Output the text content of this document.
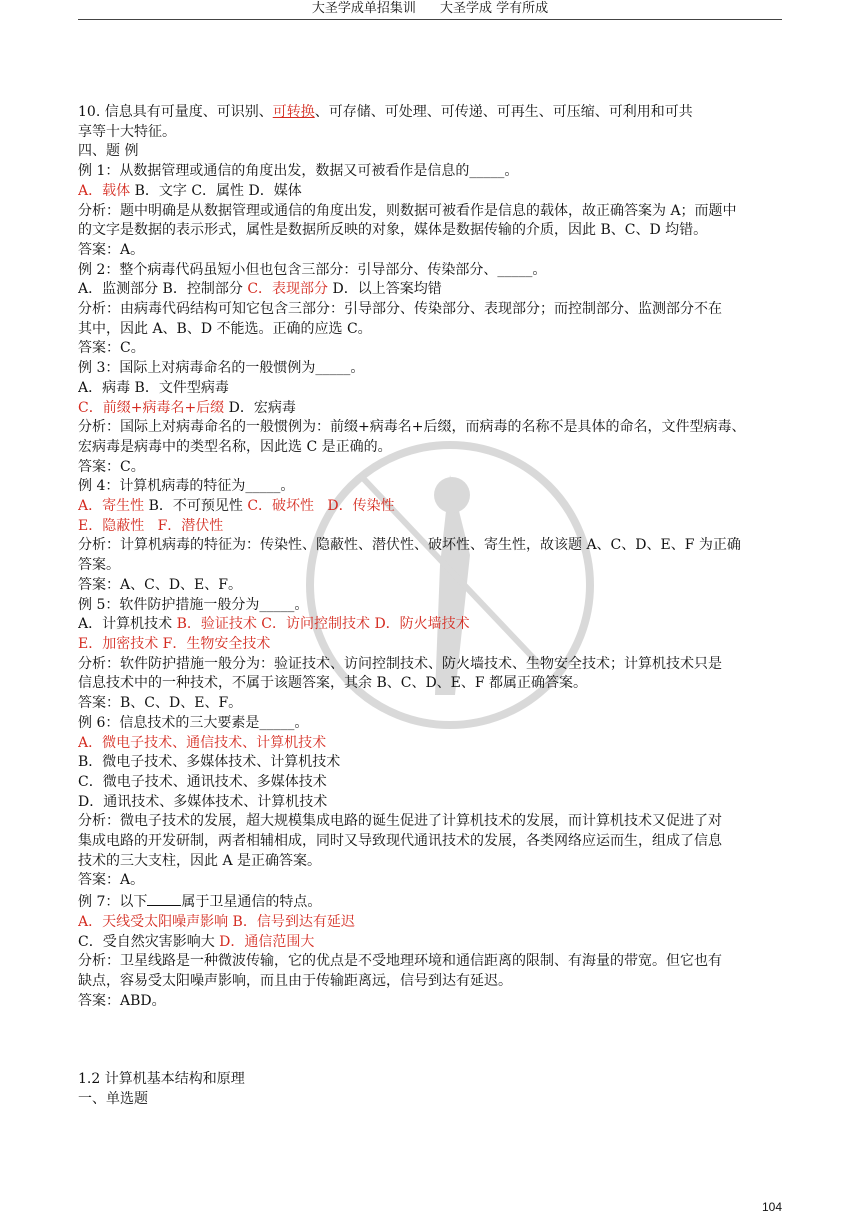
大圣学成单招集训 大圣学成 学有所成
10. 信息具有可量度、可识别、可转换、可存储、可处理、可传递、可再生、可压缩、可利用和可共
享等十大特征。
四、题 例
例 1：从数据管理或通信的角度出发，数据又可被看作是信息的_____。
A．载体 B．文字 C．属性 D．媒体
分析：题中明确是从数据管理或通信的角度出发，则数据可被看作是信息的载体，故正确答案为 A；而题中
的文字是数据的表示形式，属性是数据所反映的对象，媒体是数据传输的介质，因此 B、C、D 均错。
答案：A。
例 2：整个病毒代码虽短小但也包含三部分：引导部分、传染部分、_____。
A．监测部分 B．控制部分 C．表现部分 D．以上答案均错
分析：由病毒代码结构可知它包含三部分：引导部分、传染部分、表现部分；而控制部分、监测部分不在
其中，因此 A、B、D 不能选。正确的应选 C。
答案：C。
例 3：国际上对病毒命名的一般惯例为_____。
A．病毒 B．文件型病毒
C．前缀+病毒名+后缀 D．宏病毒
分析：国际上对病毒命名的一般惯例为：前缀+病毒名+后缀，而病毒的名称不是具体的命名，文件型病毒、
宏病毒是病毒中的类型名称，因此选 C 是正确的。
答案：C。
例 4：计算机病毒的特征为_____。
A．寄生性 B．不可预见性 C．破坏性 D．传染性
E．隐蔽性 F．潜伏性
分析：计算机病毒的特征为：传染性、隐蔽性、潜伏性、破坏性、寄生性，故该题 A、C、D、E、F 为正确
答案。
答案：A、C、D、E、F。
例 5：软件防护措施一般分为_____。
A．计算机技术 B．验证技术 C．访问控制技术 D．防火墙技术
E．加密技术 F．生物安全技术
分析：软件防护措施一般分为：验证技术、访问控制技术、防火墙技术、生物安全技术；计算机技术只是
信息技术中的一种技术，不属于该题答案，其余 B、C、D、E、F 都属正确答案。
答案：B、C、D、E、F。
例 6：信息技术的三大要素是_____。
A．微电子技术、通信技术、计算机技术
B．微电子技术、多媒体技术、计算机技术
C．微电子技术、通讯技术、多媒体技术
D．通讯技术、多媒体技术、计算机技术
分析：微电子技术的发展，超大规模集成电路的诞生促进了计算机技术的发展，而计算机技术又促进了对
集成电路的开发研制，两者相辅相成，同时又导致现代通讯技术的发展，各类网络应运而生，组成了信息
技术的三大支柱，因此 A 是正确答案。
答案：A。
例 7：以下 属于卫星通信的特点。
A．天线受太阳噪声影响 B．信号到达有延迟
C．受自然灾害影响大 D．通信范围大
分析：卫星线路是一种微波传输，它的优点是不受地理环境和通信距离的限制、有海量的带宽。但它也有
缺点，容易受太阳噪声影响，而且由于传输距离远，信号到达有延迟。
答案：ABD。
1.2 计算机基本结构和原理
一、单选题
104
